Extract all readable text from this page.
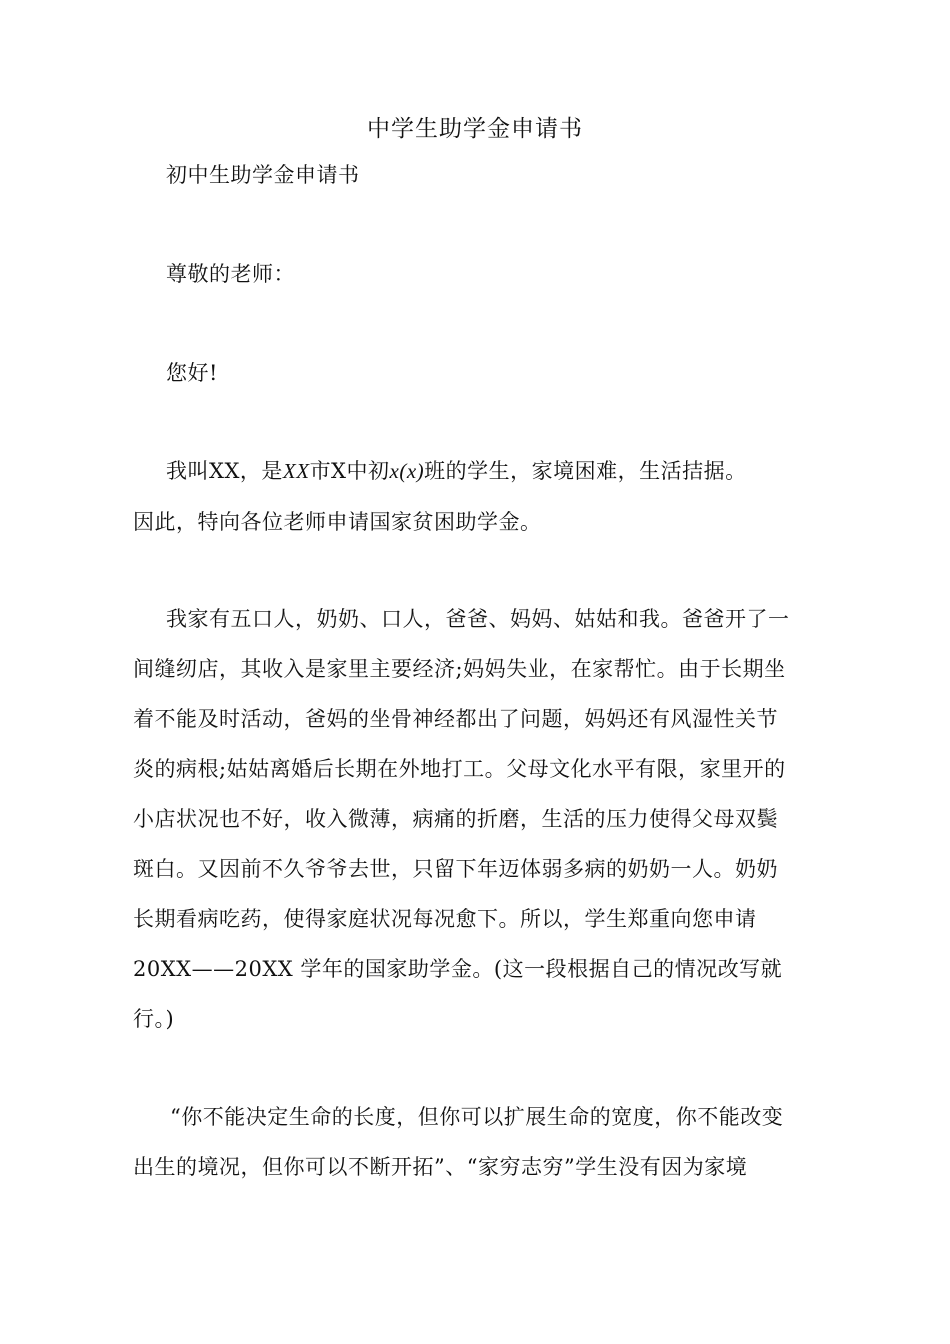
中学生助学金申请书
初中生助学金申请书
尊敬的老师：
您好!
我叫XX，是XX市X中初x(x)班的学生，家境困难，生活拮据。
因此，特向各位老师申请国家贫困助学金。
我家有五口人，奶奶、口人，爸爸、妈妈、姑姑和我。爸爸开了一
间缝纫店，其收入是家里主要经济;妈妈失业，在家帮忙。由于长期坐
着不能及时活动，爸妈的坐骨神经都出了问题，妈妈还有风湿性关节
炎的病根;姑姑离婚后长期在外地打工。父母文化水平有限，家里开的
小店状况也不好，收入微薄，病痛的折磨，生活的压力使得父母双鬓
斑白。又因前不久爷爷去世，只留下年迈体弱多病的奶奶一人。奶奶
长期看病吃药，使得家庭状况每况愈下。所以，学生郑重向您申请
20XX——20XX 学年的国家助学金。(这一段根据自己的情况改写就
行。)
“你不能决定生命的长度，但你可以扩展生命的宽度，你不能改变
出生的境况，但你可以不断开拓”、“家穷志穷”学生没有因为家境
